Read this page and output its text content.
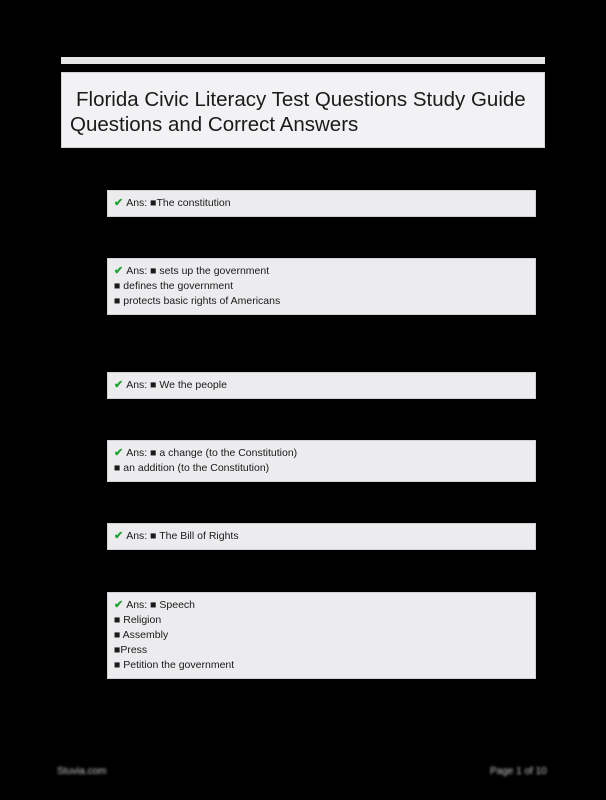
Florida Civic Literacy Test Questions Study Guide
Questions and Correct Answers
✔ Ans: ■The constitution
✔ Ans: ■ sets up the government
■ defines the government
■ protects basic rights of Americans
✔ Ans: ■ We the people
✔ Ans: ■ a change (to the Constitution)
■ an addition (to the Constitution)
✔ Ans: ■ The Bill of Rights
✔ Ans: ■ Speech
■ Religion
■ Assembly
■Press
■ Petition the government
Stuvia.com	Page 1 of 10
